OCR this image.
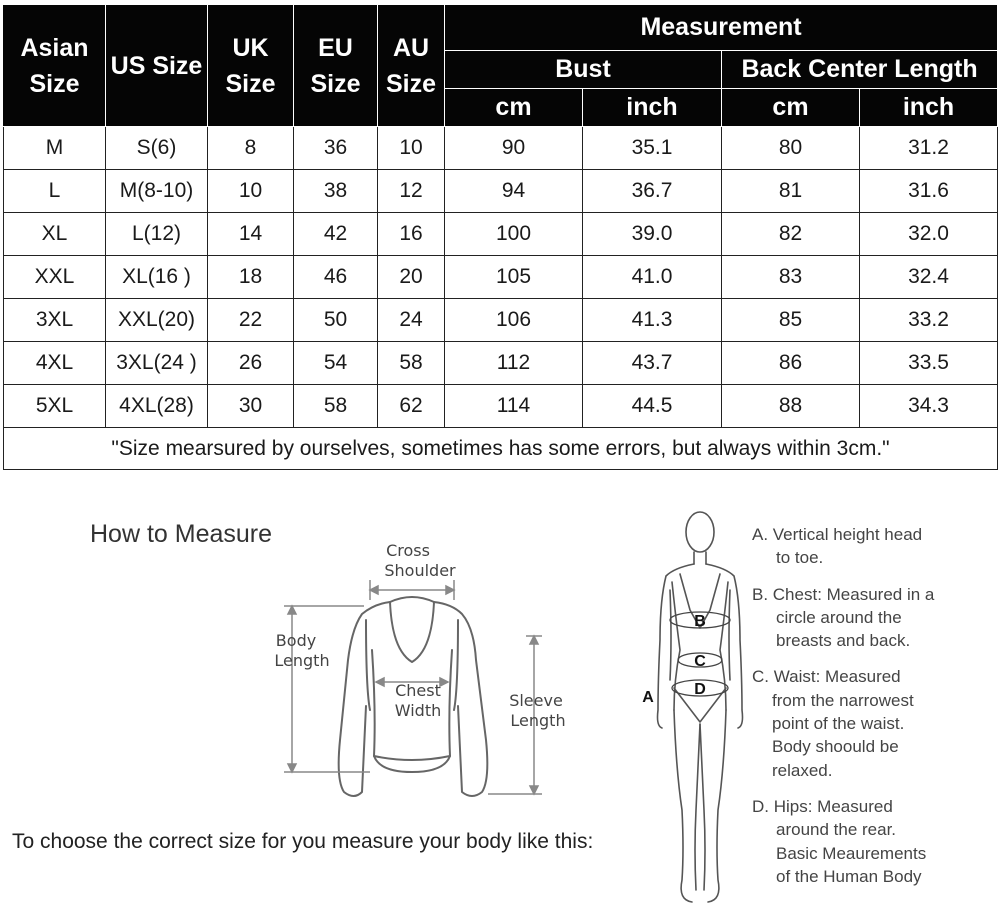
Asian Size	US Size	UK Size	EU Size	AU Size	Measurement			
					Bust		Back Center Length	
					cm	inch	cm	inch
M	S(6)	8	36	10	90	35.1	80	31.2
L	M(8-10)	10	38	12	94	36.7	81	31.6
XL	L(12)	14	42	16	100	39.0	82	32.0
XXL	XL(16 )	18	46	20	105	41.0	83	32.4
3XL	XXL(20)	22	50	24	106	41.3	85	33.2
4XL	3XL(24 )	26	54	58	112	43.7	86	33.5
5XL	4XL(28)	30	58	62	114	44.5	88	34.3
"Size mearsured by ourselves, sometimes has some errors, but always within 3cm."								
How to Measure
Cross
Shoulder
Body
Length
Chest
Width
Sleeve
Length
To choose the correct size for you measure your body like this:
B
C
D
A
A. Vertical height head

to toe.
B. Chest: Measured in a

circle around the
breasts and back.
C. Waist: Measured

from the narrowest
point of the waist.
Body shoould be
relaxed.
D. Hips: Measured

around the rear.
Basic Meaurements
of the Human Body
